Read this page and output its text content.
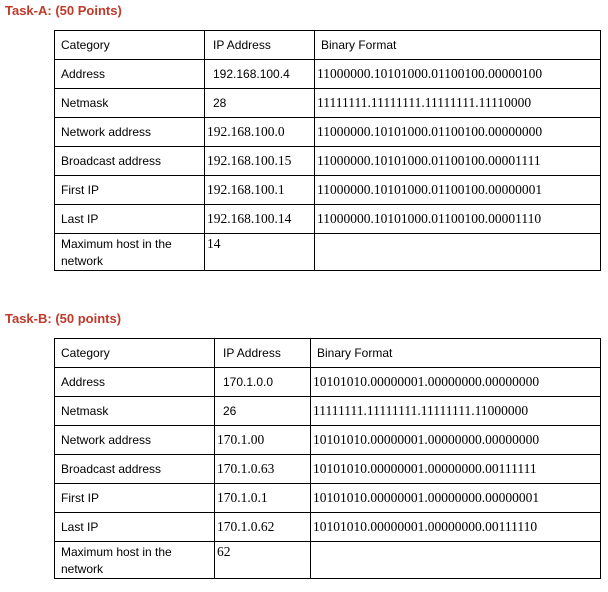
Task-A: (50 Points)
Category	IP Address	Binary Format
Address	192.168.100.4	11000000.10101000.01100100.00000100
Netmask	28	11111111.11111111.11111111.11110000
Network address	192.168.100.0	11000000.10101000.01100100.00000000
Broadcast address	192.168.100.15	11000000.10101000.01100100.00001111
First IP	192.168.100.1	11000000.10101000.01100100.00000001
Last IP	192.168.100.14	11000000.10101000.01100100.00001110
Maximum host in the network	14	
Task-B: (50 points)
Category	IP Address	Binary Format
Address	170.1.0.0	10101010.00000001.00000000.00000000
Netmask	26	11111111.11111111.11111111.11000000
Network address	170.1.00	10101010.00000001.00000000.00000000
Broadcast address	170.1.0.63	10101010.00000001.00000000.00111111
First IP	170.1.0.1	10101010.00000001.00000000.00000001
Last IP	170.1.0.62	10101010.00000001.00000000.00111110
Maximum host in the network	62	
